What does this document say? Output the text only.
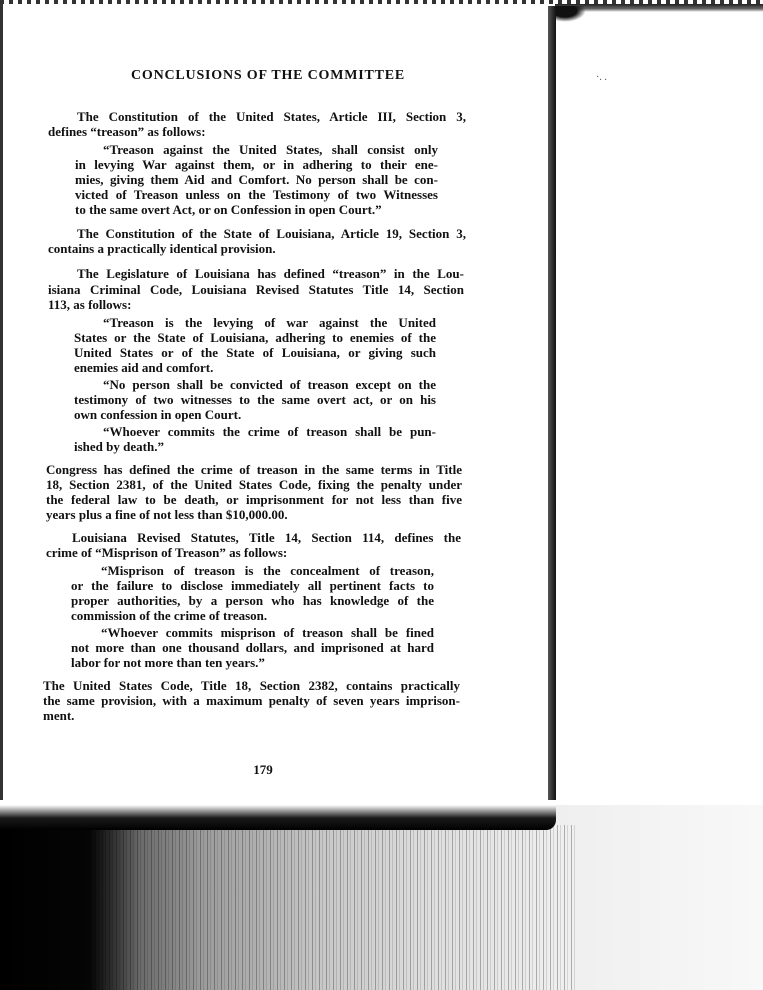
·. .
CONCLUSIONS OF THE COMMITTEE
The Constitution of the United States, Article III, Section 3,
defines “treason” as follows:
“Treason against the United States, shall consist only
in levying War against them, or in adhering to their ene-
mies, giving them Aid and Comfort. No person shall be con-
victed of Treason unless on the Testimony of two Witnesses
to the same overt Act, or on Confession in open Court.”
The Constitution of the State of Louisiana, Article 19, Section 3,
contains a practically identical provision.
The Legislature of Louisiana has defined “treason” in the Lou-
isiana Criminal Code, Louisiana Revised Statutes Title 14, Section
113, as follows:
“Treason is the levying of war against the United
States or the State of Louisiana, adhering to enemies of the
United States or of the State of Louisiana, or giving such
enemies aid and comfort.
“No person shall be convicted of treason except on the
testimony of two witnesses to the same overt act, or on his
own confession in open Court.
“Whoever commits the crime of treason shall be pun-
ished by death.”
Congress has defined the crime of treason in the same terms in Title
18, Section 2381, of the United States Code, fixing the penalty under
the federal law to be death, or imprisonment for not less than five
years plus a fine of not less than $10,000.00.
Louisiana Revised Statutes, Title 14, Section 114, defines the
crime of “Misprison of Treason” as follows:
“Misprison of treason is the concealment of treason,
or the failure to disclose immediately all pertinent facts to
proper authorities, by a person who has knowledge of the
commission of the crime of treason.
“Whoever commits misprison of treason shall be fined
not more than one thousand dollars, and imprisoned at hard
labor for not more than ten years.”
The United States Code, Title 18, Section 2382, contains practically
the same provision, with a maximum penalty of seven years imprison-
ment.
179
